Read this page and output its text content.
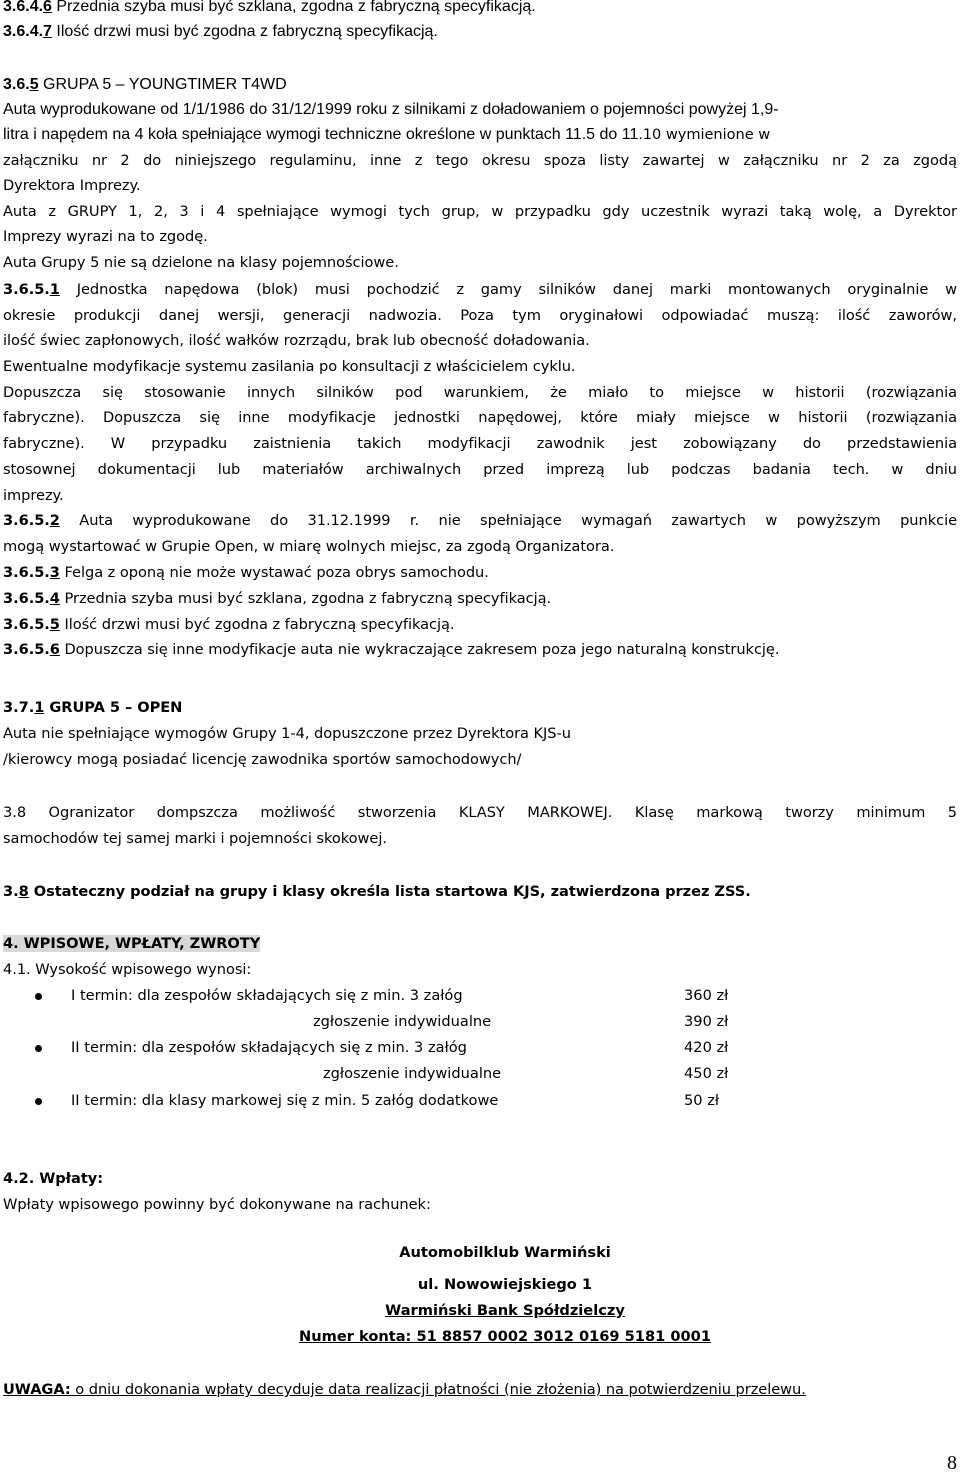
3.6.4.6 Przednia szyba musi być szklana, zgodna z fabryczną specyfikacją.
3.6.4.7 Ilość drzwi musi być zgodna z fabryczną specyfikacją.
3.6.5 GRUPA 5 – YOUNGTIMER T4WD
Auta wyprodukowane od 1/1/1986 do 31/12/1999 roku z silnikami z doładowaniem o pojemności powyżej 1,9-
litra i napędem na 4 koła spełniające wymogi techniczne określone w punktach 11.5 do 11.10 wymienione w
załączniku nr 2 do niniejszego regulaminu, inne z tego okresu spoza listy zawartej w załączniku nr 2 za zgodą
Dyrektora Imprezy.
Auta z GRUPY 1, 2, 3 i 4 spełniające wymogi tych grup, w przypadku gdy uczestnik wyrazi taką wolę, a Dyrektor
Imprezy wyrazi na to zgodę.
Auta Grupy 5 nie są dzielone na klasy pojemnościowe.
3.6.5.1 Jednostka napędowa (blok) musi pochodzić z gamy silników danej marki montowanych oryginalnie w
okresie produkcji danej wersji, generacji nadwozia. Poza tym oryginałowi odpowiadać muszą: ilość zaworów,
ilość świec zapłonowych, ilość wałków rozrządu, brak lub obecność doładowania.
Ewentualne modyfikacje systemu zasilania po konsultacji z właścicielem cyklu.
Dopuszcza się stosowanie innych silników pod warunkiem, że miało to miejsce w historii (rozwiązania
fabryczne). Dopuszcza się inne modyfikacje jednostki napędowej, które miały miejsce w historii (rozwiązania
fabryczne). W przypadku zaistnienia takich modyfikacji zawodnik jest zobowiązany do przedstawienia
stosownej dokumentacji lub materiałów archiwalnych przed imprezą lub podczas badania tech. w dniu
imprezy.
3.6.5.2 Auta wyprodukowane do 31.12.1999 r. nie spełniające wymagań zawartych w powyższym punkcie
mogą wystartować w Grupie Open, w miarę wolnych miejsc, za zgodą Organizatora.
3.6.5.3 Felga z oponą nie może wystawać poza obrys samochodu.
3.6.5.4 Przednia szyba musi być szklana, zgodna z fabryczną specyfikacją.
3.6.5.5 Ilość drzwi musi być zgodna z fabryczną specyfikacją.
3.6.5.6 Dopuszcza się inne modyfikacje auta nie wykraczające zakresem poza jego naturalną konstrukcję.
3.7.1 GRUPA 5 – OPEN
Auta nie spełniające wymogów Grupy 1-4, dopuszczone przez Dyrektora KJS-u
/kierowcy mogą posiadać licencję zawodnika sportów samochodowych/
3.8 Ogranizator dompszcza możliwość stworzenia KLASY MARKOWEJ. Klasę markową tworzy minimum 5
samochodów tej samej marki i pojemności skokowej.
3.8 Ostateczny podział na grupy i klasy określa lista startowa KJS, zatwierdzona przez ZSS.
4. WPISOWE, WPŁATY, ZWROTY
4.1. Wysokość wpisowego wynosi:
I termin: dla zespołów składających się z min. 3 załóg	360 zł
zgłoszenie indywidualne	390 zł
II termin: dla zespołów składających się z min. 3 załóg	420 zł
zgłoszenie indywidualne	450 zł
II termin: dla klasy markowej się z min. 5 załóg dodatkowe	50 zł
4.2. Wpłaty:
Wpłaty wpisowego powinny być dokonywane na rachunek:
Automobilklub Warmiński
ul. Nowowiejskiego 1
Warmiński Bank Spółdzielczy
Numer konta: 51 8857 0002 3012 0169 5181 0001
UWAGA: o dniu dokonania wpłaty decyduje data realizacji płatności (nie złożenia) na potwierdzeniu przelewu.
8
